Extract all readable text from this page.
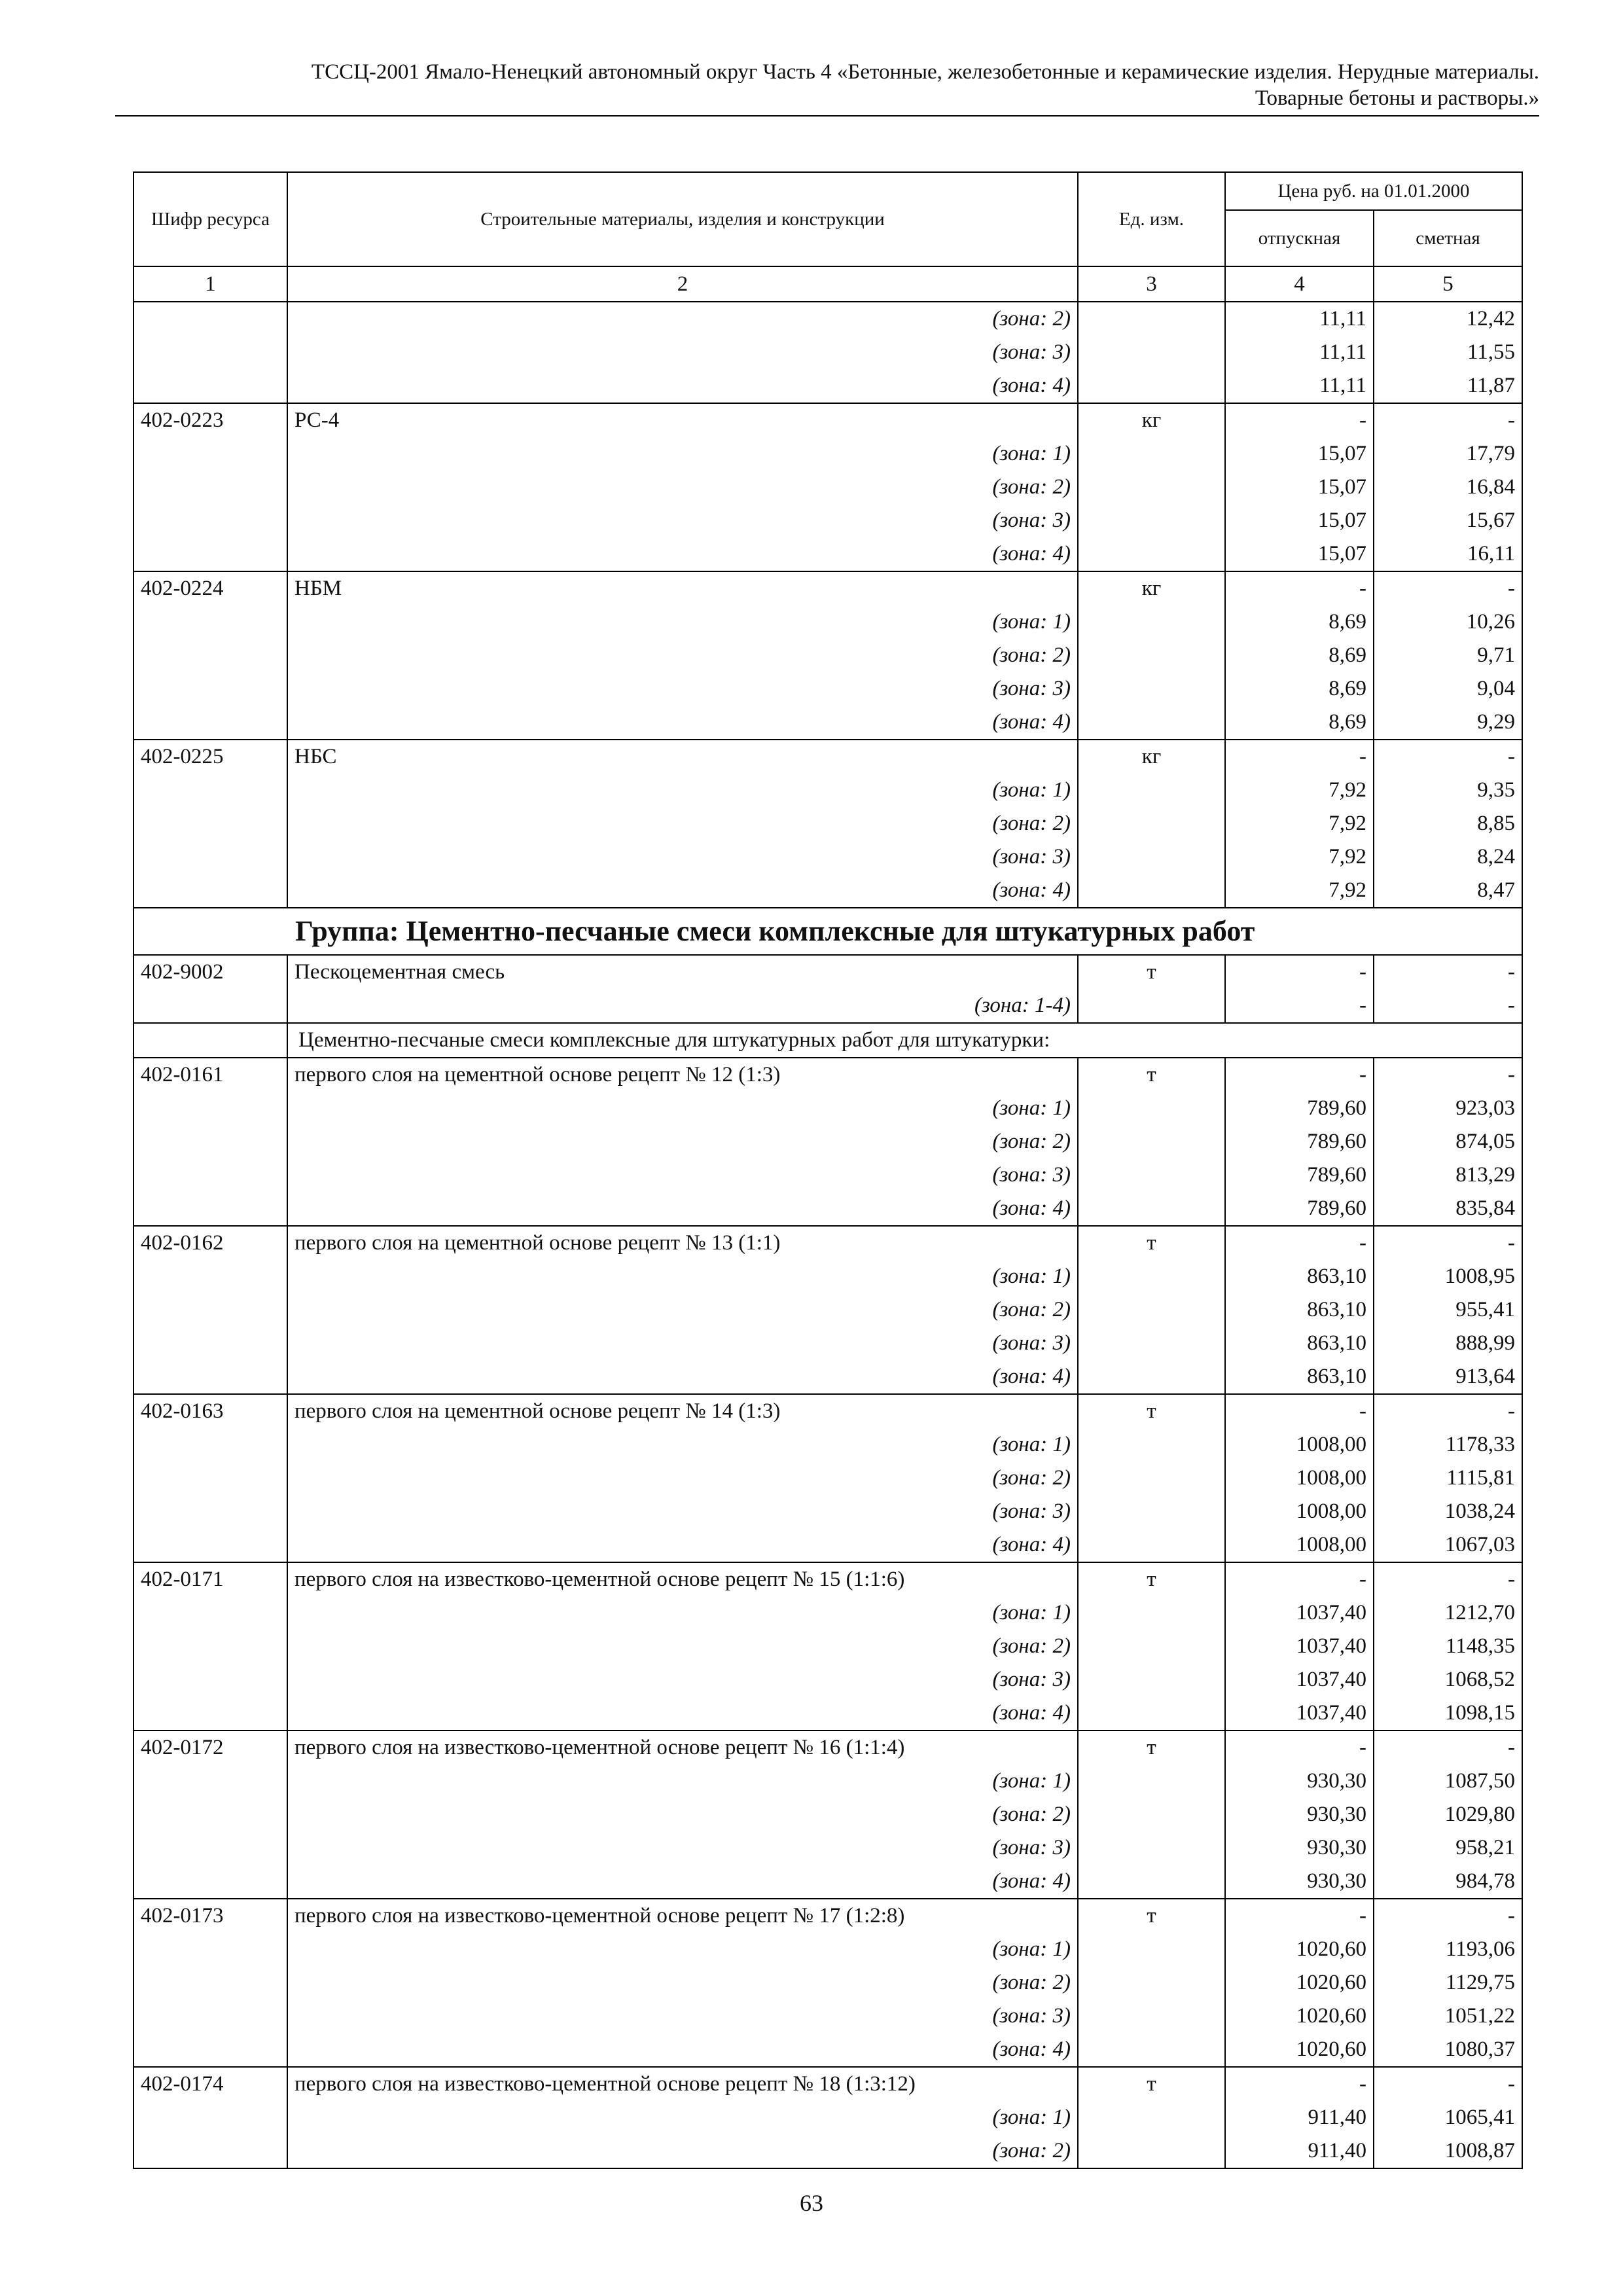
ТССЦ-2001 Ямало-Ненецкий автономный округ Часть 4 «Бетонные, железобетонные и керамические изделия. Нерудные материалы.
Товарные бетоны и растворы.»
Шифр ресурса	Строительные материалы, изделия и конструкции	Ед. изм.	Цена руб. на 01.01.2000	
			отпускная	сметная
1	2	3	4	5
	(зона: 2)		11,11	12,42
	(зона: 3)		11,11	11,55
	(зона: 4)		11,11	11,87
402-0223	РС-4	кг	-	-
	(зона: 1)		15,07	17,79
	(зона: 2)		15,07	16,84
	(зона: 3)		15,07	15,67
	(зона: 4)		15,07	16,11
402-0224	НБМ	кг	-	-
	(зона: 1)		8,69	10,26
	(зона: 2)		8,69	9,71
	(зона: 3)		8,69	9,04
	(зона: 4)		8,69	9,29
402-0225	НБС	кг	-	-
	(зона: 1)		7,92	9,35
	(зона: 2)		7,92	8,85
	(зона: 3)		7,92	8,24
	(зона: 4)		7,92	8,47
Группа: Цементно-песчаные смеси комплексные для штукатурных работ				
402-9002	Пескоцементная смесь	т	-	-
	(зона: 1-4)		-	-
	Цементно-песчаные смеси комплексные для штукатурных работ для штукатурки:			
402-0161	первого слоя на цементной основе рецепт № 12 (1:3)	т	-	-
	(зона: 1)		789,60	923,03
	(зона: 2)		789,60	874,05
	(зона: 3)		789,60	813,29
	(зона: 4)		789,60	835,84
402-0162	первого слоя на цементной основе рецепт № 13 (1:1)	т	-	-
	(зона: 1)		863,10	1008,95
	(зона: 2)		863,10	955,41
	(зона: 3)		863,10	888,99
	(зона: 4)		863,10	913,64
402-0163	первого слоя на цементной основе рецепт № 14 (1:3)	т	-	-
	(зона: 1)		1008,00	1178,33
	(зона: 2)		1008,00	1115,81
	(зона: 3)		1008,00	1038,24
	(зона: 4)		1008,00	1067,03
402-0171	первого слоя на известково-цементной основе рецепт № 15 (1:1:6)	т	-	-
	(зона: 1)		1037,40	1212,70
	(зона: 2)		1037,40	1148,35
	(зона: 3)		1037,40	1068,52
	(зона: 4)		1037,40	1098,15
402-0172	первого слоя на известково-цементной основе рецепт № 16 (1:1:4)	т	-	-
	(зона: 1)		930,30	1087,50
	(зона: 2)		930,30	1029,80
	(зона: 3)		930,30	958,21
	(зона: 4)		930,30	984,78
402-0173	первого слоя на известково-цементной основе рецепт № 17 (1:2:8)	т	-	-
	(зона: 1)		1020,60	1193,06
	(зона: 2)		1020,60	1129,75
	(зона: 3)		1020,60	1051,22
	(зона: 4)		1020,60	1080,37
402-0174	первого слоя на известково-цементной основе рецепт № 18 (1:3:12)	т	-	-
	(зона: 1)		911,40	1065,41
	(зона: 2)		911,40	1008,87
63
